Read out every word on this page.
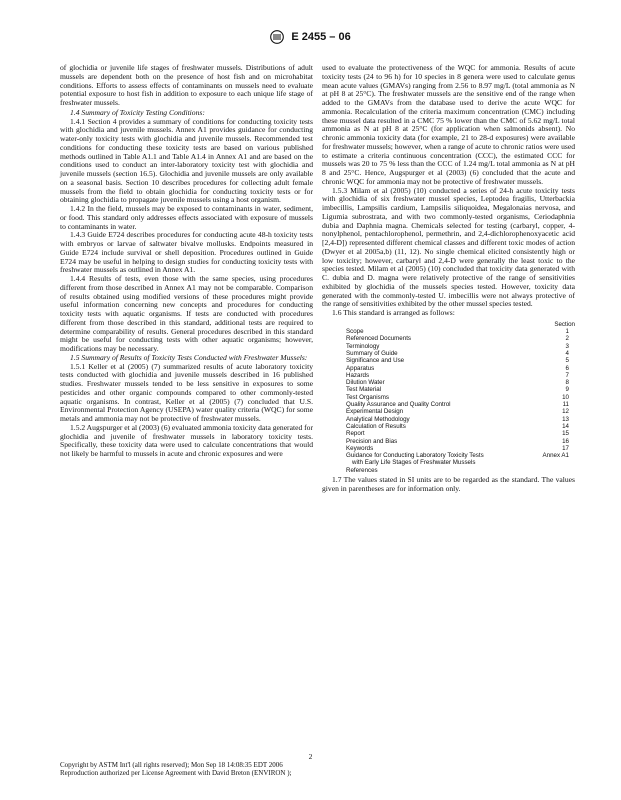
E 2455 – 06

of glochidia or juvenile life stages of freshwater mussels. Distributions of adult mussels are dependent both on the presence of host fish and on microhabitat conditions. Efforts to assess effects of contaminants on mussels need to evaluate potential exposure to host fish in addition to exposure to each unique life stage of freshwater mussels.

1.4 Summary of Toxicity Testing Conditions:

1.4.1 Section 4 provides a summary of conditions for conducting toxicity tests with glochidia and juvenile mussels. Annex A1 provides guidance for conducting water-only toxicity tests with glochidia and juvenile mussels. Recommended test conditions for conducting these toxicity tests are based on various published methods outlined in Table A1.1 and Table A1.4 in Annex A1 and are based on the conditions used to conduct an inter-laboratory toxicity test with glochidia and juvenile mussels (section 16.5). Glochidia and juvenile mussels are only available on a seasonal basis. Section 10 describes procedures for collecting adult female mussels from the field to obtain glochidia for conducting toxicity tests or for obtaining glochidia to propagate juvenile mussels using a host organism.

1.4.2 In the field, mussels may be exposed to contaminants in water, sediment, or food. This standard only addresses effects associated with exposure of mussels to contaminants in water.

1.4.3 Guide E724 describes procedures for conducting acute 48-h toxicity tests with embryos or larvae of saltwater bivalve mollusks. Endpoints measured in Guide E724 include survival or shell deposition. Procedures outlined in Guide E724 may be useful in helping to design studies for conducting toxicity tests with freshwater mussels as outlined in Annex A1.

1.4.4 Results of tests, even those with the same species, using procedures different from those described in Annex A1 may not be comparable. Comparison of results obtained using modified versions of these procedures might provide useful information concerning new concepts and procedures for conducting toxicity tests with aquatic organisms. If tests are conducted with procedures different from those described in this standard, additional tests are required to determine comparability of results. General procedures described in this standard might be useful for conducting tests with other aquatic organisms; however, modifications may be necessary.

1.5 Summary of Results of Toxicity Tests Conducted with Freshwater Mussels:

1.5.1 Keller et al (2005) (7) summarized results of acute laboratory toxicity tests conducted with glochidia and juvenile mussels described in 16 published studies. Freshwater mussels tended to be less sensitive in exposures to some pesticides and other organic compounds compared to other commonly-tested aquatic organisms. In contrast, Keller et al (2005) (7) concluded that U.S. Environmental Protection Agency (USEPA) water quality criteria (WQC) for some metals and ammonia may not be protective of freshwater mussels.

1.5.2 Augspurger et al (2003) (6) evaluated ammonia toxicity data generated for glochidia and juvenile of freshwater mussels in laboratory toxicity tests. Specifically, these toxicity data were used to calculate concentrations that would not likely be harmful to mussels in acute and chronic exposures and were

used to evaluate the protectiveness of the WQC for ammonia. Results of acute toxicity tests (24 to 96 h) for 10 species in 8 genera were used to calculate genus mean acute values (GMAVs) ranging from 2.56 to 8.97 mg/L (total ammonia as N at pH 8 at 25°C). The freshwater mussels are the sensitive end of the range when added to the GMAVs from the database used to derive the acute WQC for ammonia. Recalculation of the criteria maximum concentration (CMC) including these mussel data resulted in a CMC 75 % lower than the CMC of 5.62 mg/L total ammonia as N at pH 8 at 25°C (for application when salmonids absent). No chronic ammonia toxicity data (for example, 21 to 28-d exposures) were available for freshwater mussels; however, when a range of acute to chronic ratios were used to estimate a criteria continuous concentration (CCC), the estimated CCC for mussels was 20 to 75 % less than the CCC of 1.24 mg/L total ammonia as N at pH 8 and 25°C. Hence, Augspurger et al (2003) (6) concluded that the acute and chronic WQC for ammonia may not be protective of freshwater mussels.

1.5.3 Milam et al (2005) (10) conducted a series of 24-h acute toxicity tests with glochidia of six freshwater mussel species, Leptodea fragilis, Utterbackia imbecillis, Lampsilis cardium, Lampsilis siliquoidea, Megalonaias nervosa, and Ligumia subrostrata, and with two commonly-tested organisms, Ceriodaphnia dubia and Daphnia magna. Chemicals selected for testing (carbaryl, copper, 4-nonylphenol, pentachlorophenol, permethrin, and 2,4-dichlorophenoxyacetic acid [2,4-D]) represented different chemical classes and different toxic modes of action (Dwyer et al 2005a,b) (11, 12). No single chemical elicited consistently high or low toxicity; however, carbaryl and 2,4-D were generally the least toxic to the species tested. Milam et al (2005) (10) concluded that toxicity data generated with C. dubia and D. magna were relatively protective of the range of sensitivities exhibited by glochidia of the mussels species tested. However, toxicity data generated with the commonly-tested U. imbecillis were not always protective of the range of sensitivities exhibited by the other mussel species tested.

1.6 This standard is arranged as follows:

Section
Scope	1
Referenced Documents	2
Terminology	3
Summary of Guide	4
Significance and Use	5
Apparatus	6
Hazards	7
Dilution Water	8
Test Material	9
Test Organisms	10
Quality Assurance and Quality Control	11
Experimental Design	12
Analytical Methodology	13
Calculation of Results	14
Report	15
Precision and Bias	16
Keywords	17
Guidance for Conducting Laboratory Toxicity Tests	Annex A1
with Early Life Stages of Freshwater Mussels
References

1.7 The values stated in SI units are to be regarded as the standard. The values given in parentheses are for information only.

2
Copyright by ASTM Int'l (all rights reserved); Mon Sep 18 14:08:35 EDT 2006
Reproduction authorized per License Agreement with David Breton (ENVIRON );
